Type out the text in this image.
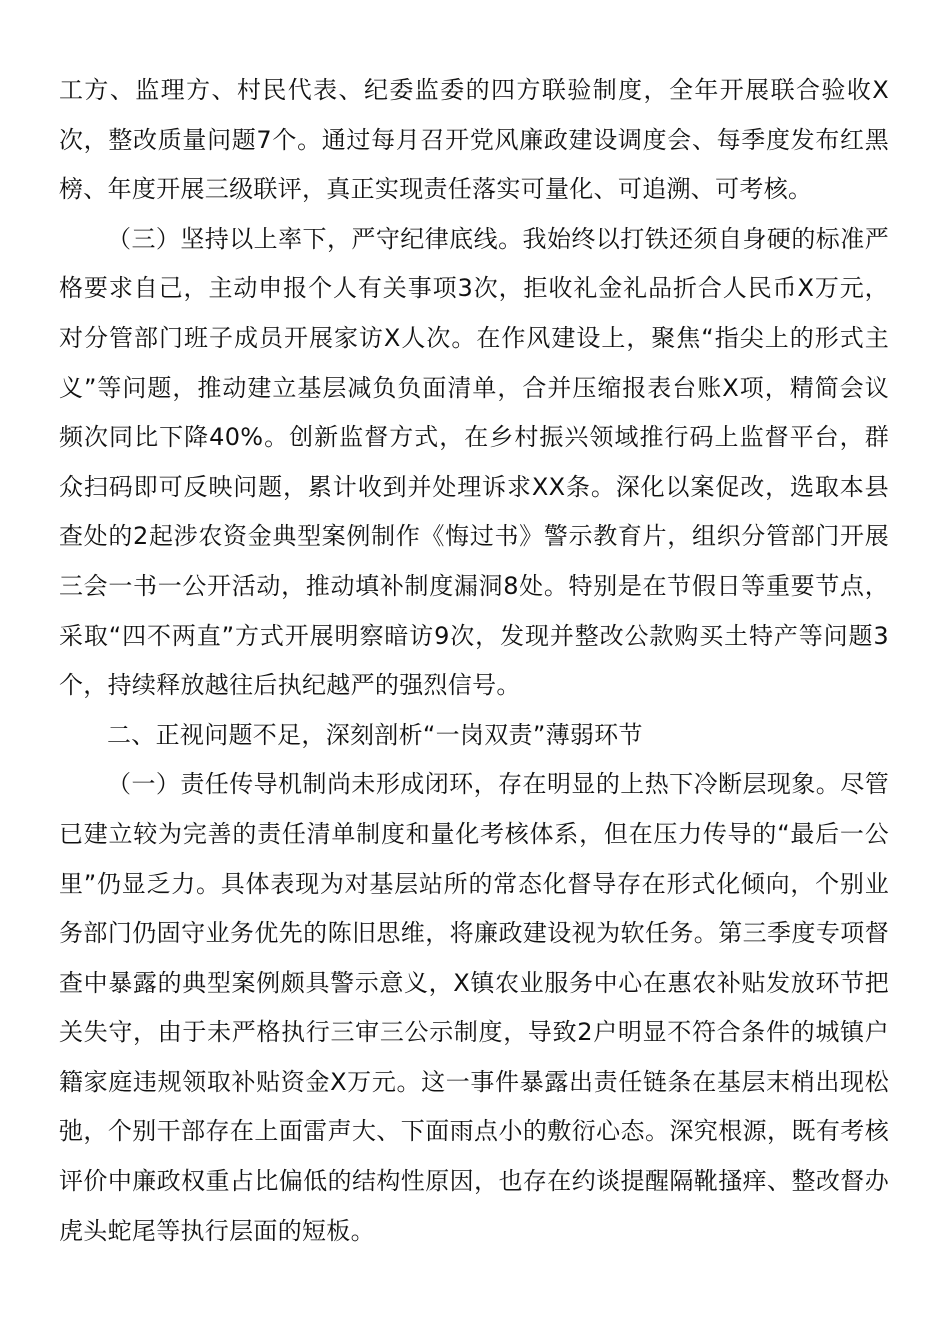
工方、监理方、村民代表、纪委监委的四方联验制度，全年开展联合验收X次，整改质量问题7个。通过每月召开党风廉政建设调度会、每季度发布红黑榜、年度开展三级联评，真正实现责任落实可量化、可追溯、可考核。

（三）坚持以上率下，严守纪律底线。我始终以打铁还须自身硬的标准严格要求自己，主动申报个人有关事项3次，拒收礼金礼品折合人民币X万元，对分管部门班子成员开展家访X人次。在作风建设上，聚焦“指尖上的形式主义”等问题，推动建立基层减负负面清单，合并压缩报表台账X项，精简会议频次同比下降40%。创新监督方式，在乡村振兴领域推行码上监督平台，群众扫码即可反映问题，累计收到并处理诉求XX条。深化以案促改，选取本县查处的2起涉农资金典型案例制作《悔过书》警示教育片，组织分管部门开展三会一书一公开活动，推动填补制度漏洞8处。特别是在节假日等重要节点，采取“四不两直”方式开展明察暗访9次，发现并整改公款购买土特产等问题3个，持续释放越往后执纪越严的强烈信号。

二、正视问题不足，深刻剖析“一岗双责”薄弱环节

（一）责任传导机制尚未形成闭环，存在明显的上热下冷断层现象。尽管已建立较为完善的责任清单制度和量化考核体系，但在压力传导的“最后一公里”仍显乏力。具体表现为对基层站所的常态化督导存在形式化倾向，个别业务部门仍固守业务优先的陈旧思维，将廉政建设视为软任务。第三季度专项督查中暴露的典型案例颇具警示意义，X镇农业服务中心在惠农补贴发放环节把关失守，由于未严格执行三审三公示制度，导致2户明显不符合条件的城镇户籍家庭违规领取补贴资金X万元。这一事件暴露出责任链条在基层末梢出现松弛，个别干部存在上面雷声大、下面雨点小的敷衍心态。深究根源，既有考核评价中廉政权重占比偏低的结构性原因，也存在约谈提醒隔靴搔痒、整改督办虎头蛇尾等执行层面的短板。
